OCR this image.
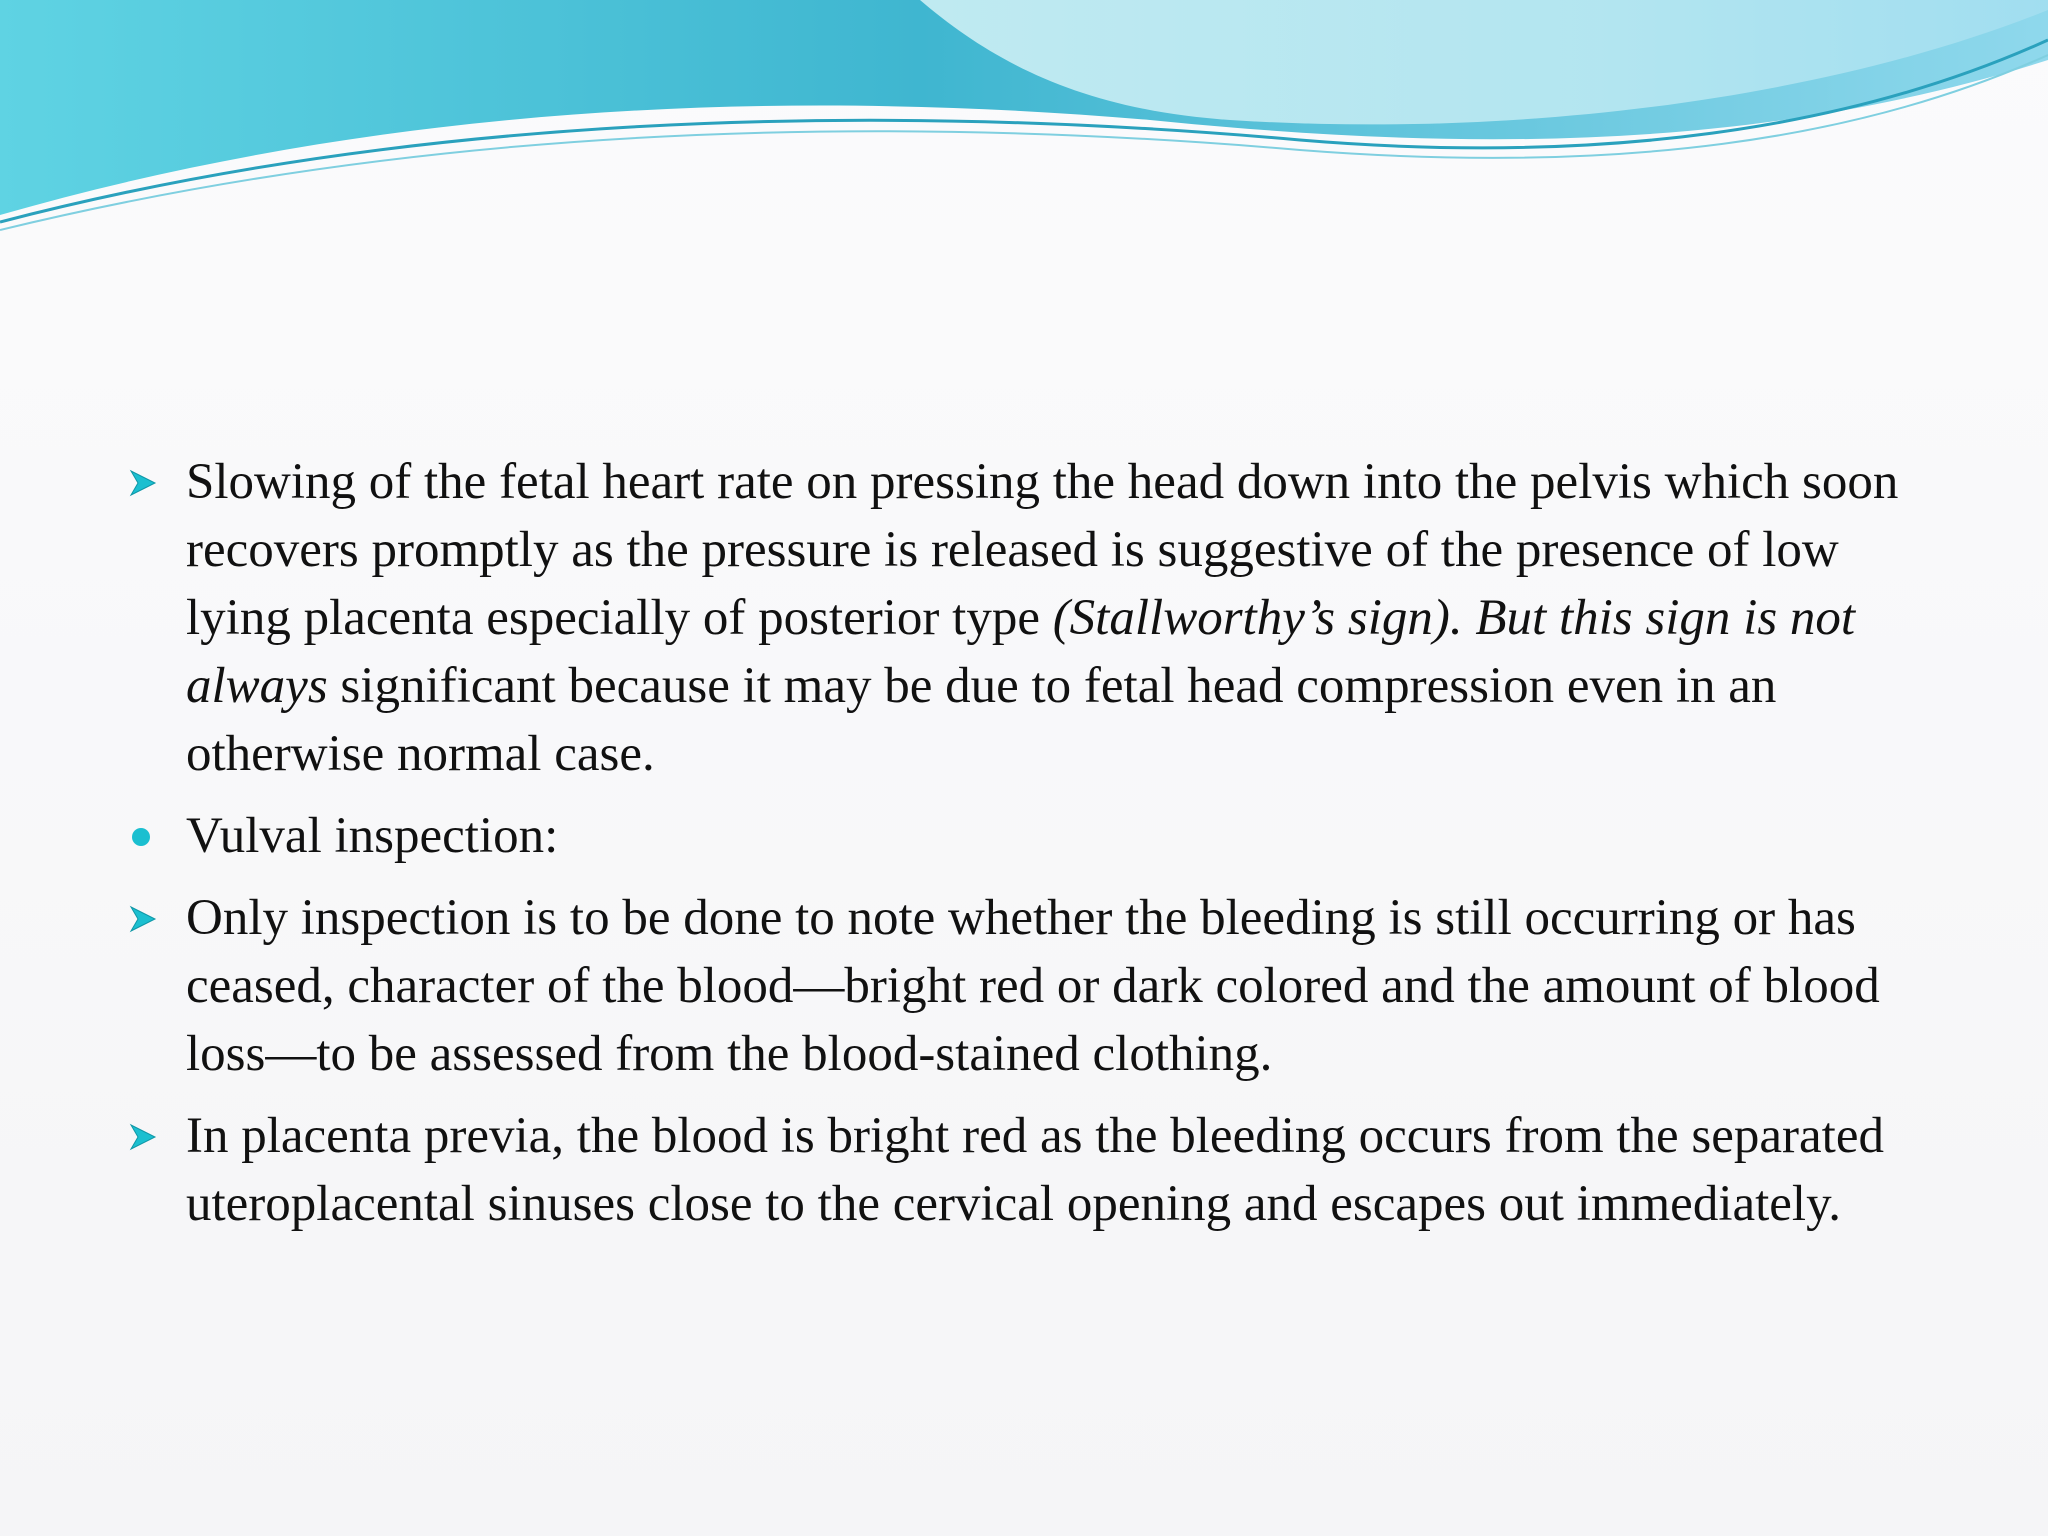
Slowing of the fetal heart rate on pressing the head down into the pelvis which soon recovers promptly as the pressure is released is suggestive of the presence of low lying placenta especially of posterior type (Stallworthy’s sign). But this sign is not always significant because it may be due to fetal head compression even in an otherwise normal case.
Vulval inspection:
Only inspection is to be done to note whether the bleeding is still occurring or has ceased, character of the blood—bright red or dark colored and the amount of blood loss—to be assessed from the blood-stained clothing.
In placenta previa, the blood is bright red as the bleeding occurs from the separated uteroplacental sinuses close to the cervical opening and escapes out immediately.
